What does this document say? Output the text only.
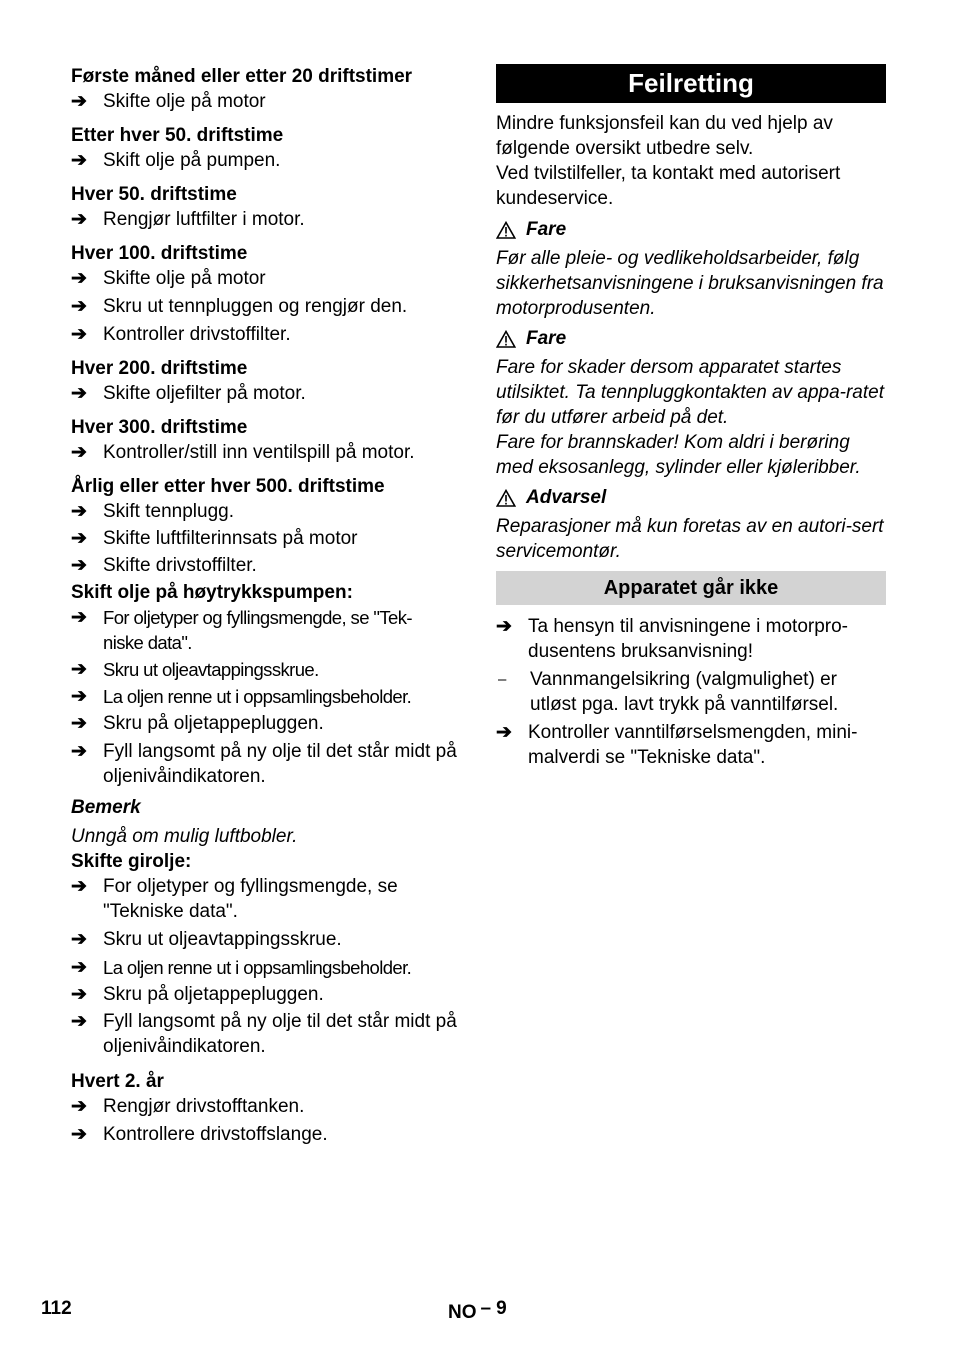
Første måned eller etter 20 driftstimer
➔ Skifte olje på motor
Etter hver 50. driftstime
➔ Skift olje på pumpen.
Hver 50. driftstime
➔ Rengjør luftfilter i motor.
Hver 100. driftstime
➔ Skifte olje på motor
➔ Skru ut tennpluggen og rengjør den.
➔ Kontroller drivstoffilter.
Hver 200. driftstime
➔ Skifte oljefilter på motor.
Hver 300. driftstime
➔ Kontroller/still inn ventilspill på motor.
Årlig eller etter hver 500. driftstime
➔ Skift tennplugg.
➔ Skifte luftfilterinnsats på motor
➔ Skifte drivstoffilter.
Skift olje på høytrykkspumpen:
➔ For oljetyper og fyllingsmengde, se "Tek-niske data".
➔ Skru ut oljeavtappingsskrue.
➔ La oljen renne ut i oppsamlingsbeholder.
➔ Skru på oljetappepluggen.
➔ Fyll langsomt på ny olje til det står midt på oljenivåindikatoren.
Bemerk
Unngå om mulig luftbobler.
Skifte girolje:
➔ For oljetyper og fyllingsmengde, se "Tekniske data".
➔ Skru ut oljeavtappingsskrue.
➔ La oljen renne ut i oppsamlingsbeholder.
➔ Skru på oljetappepluggen.
➔ Fyll langsomt på ny olje til det står midt på oljenivåindikatoren.
Hvert 2. år
➔ Rengjør drivstofftanken.
➔ Kontrollere drivstoffslange.
Feilretting
Mindre funksjonsfeil kan du ved hjelp av følgende oversikt utbedre selv.
Ved tvilstilfeller, ta kontakt med autorisert kundeservice.
Fare
Før alle pleie- og vedlikeholdsarbeider, følg sikkerhetsanvisningene i bruksanvisningen fra motorprodusenten.
Fare
Fare for skader dersom apparatet startes utilsiktet. Ta tennpluggkontakten av appa-ratet før du utfører arbeid på det.
Fare for brannskader! Kom aldri i berøring med eksosanlegg, sylinder eller kjøleribber.
Advarsel
Reparasjoner må kun foretas av en autori-sert servicemontør.
Apparatet går ikke
➔ Ta hensyn til anvisningene i motorpro-dusentens bruksanvisning!
–	Vannmangelsikring (valgmulighet) er utløst pga. lavt trykk på vanntilførsel.
➔ Kontroller vanntilførselsmengden, mini-malverdi se "Tekniske data".
112	NO – 9
